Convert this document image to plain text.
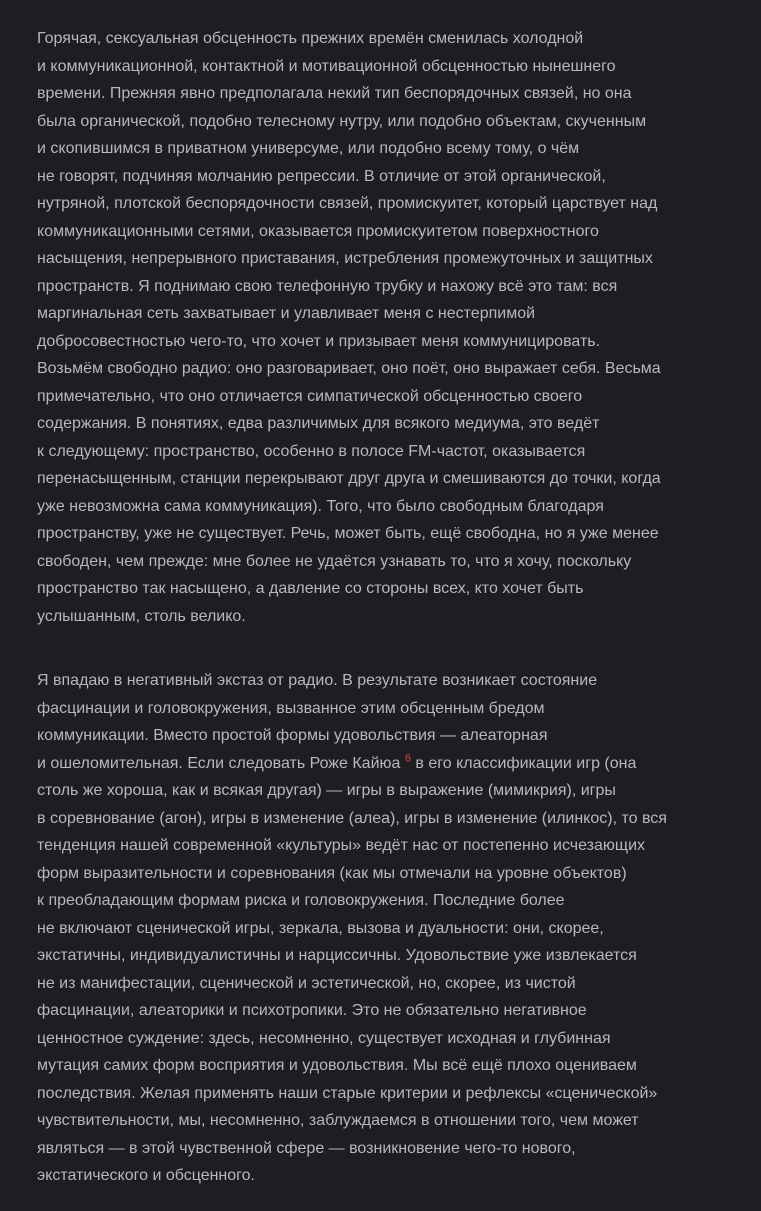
Горячая, сексуальная обсценность прежних времён сменилась холодной
и коммуникационной, контактной и мотивационной обсценностью нынешнего
времени. Прежняя явно предполагала некий тип беспорядочных связей, но она
была органической, подобно телесному нутру, или подобно объектам, скученным
и скопившимся в приватном универсуме, или подобно всему тому, о чём
не говорят, подчиняя молчанию репрессии. В отличие от этой органической,
нутряной, плотской беспорядочности связей, промискуитет, который царствует над
коммуникационными сетями, оказывается промискуитетом поверхностного
насыщения, непрерывного приставания, истребления промежуточных и защитных
пространств. Я поднимаю свою телефонную трубку и нахожу всё это там: вся
маргинальная сеть захватывает и улавливает меня с нестерпимой
добросовестностью чего-то, что хочет и призывает меня коммуницировать.
Возьмём свободно радио: оно разговаривает, оно поёт, оно выражает себя. Весьма
примечательно, что оно отличается симпатической обсценностью своего
содержания. В понятиях, едва различимых для всякого медиума, это ведёт
к следующему: пространство, особенно в полосе FM-частот, оказывается
перенасыщенным, станции перекрывают друг друга и смешиваются до точки, когда
уже невозможна сама коммуникация). Того, что было свободным благодаря
пространству, уже не существует. Речь, может быть, ещё свободна, но я уже менее
свободен, чем прежде: мне более не удаётся узнавать то, что я хочу, поскольку
пространство так насыщено, а давление со стороны всех, кто хочет быть
услышанным, столь велико.

Я впадаю в негативный экстаз от радио. В результате возникает состояние
фасцинации и головокружения, вызванное этим обсценным бредом
коммуникации. Вместо простой формы удовольствия — алеаторная
и ошеломительная. Если следовать Роже Кайюа $^6$ в его классификации игр (она
столь же хороша, как и всякая другая) — игры в выражение (мимикрия), игры
в соревнование (агон), игры в изменение (алеа), игры в изменение (илинкос), то вся
тенденция нашей современной «культуры» ведёт нас от постепенно исчезающих
форм выразительности и соревнования (как мы отмечали на уровне объектов)
к преобладающим формам риска и головокружения. Последние более
не включают сценической игры, зеркала, вызова и дуальности: они, скорее,
экстатичны, индивидуалистичны и нарциссичны. Удовольствие уже извлекается
не из манифестации, сценической и эстетической, но, скорее, из чистой
фасцинации, алеаторики и психотропики. Это не обязательно негативное
ценностное суждение: здесь, несомненно, существует исходная и глубинная
мутация самих форм восприятия и удовольствия. Мы всё ещё плохо оцениваем
последствия. Желая применять наши старые критерии и рефлексы «сценической»
чувствительности, мы, несомненно, заблуждаемся в отношении того, чем может
являться — в этой чувственной сфере — возникновение чего-то нового,
экстатического и обсценного.
